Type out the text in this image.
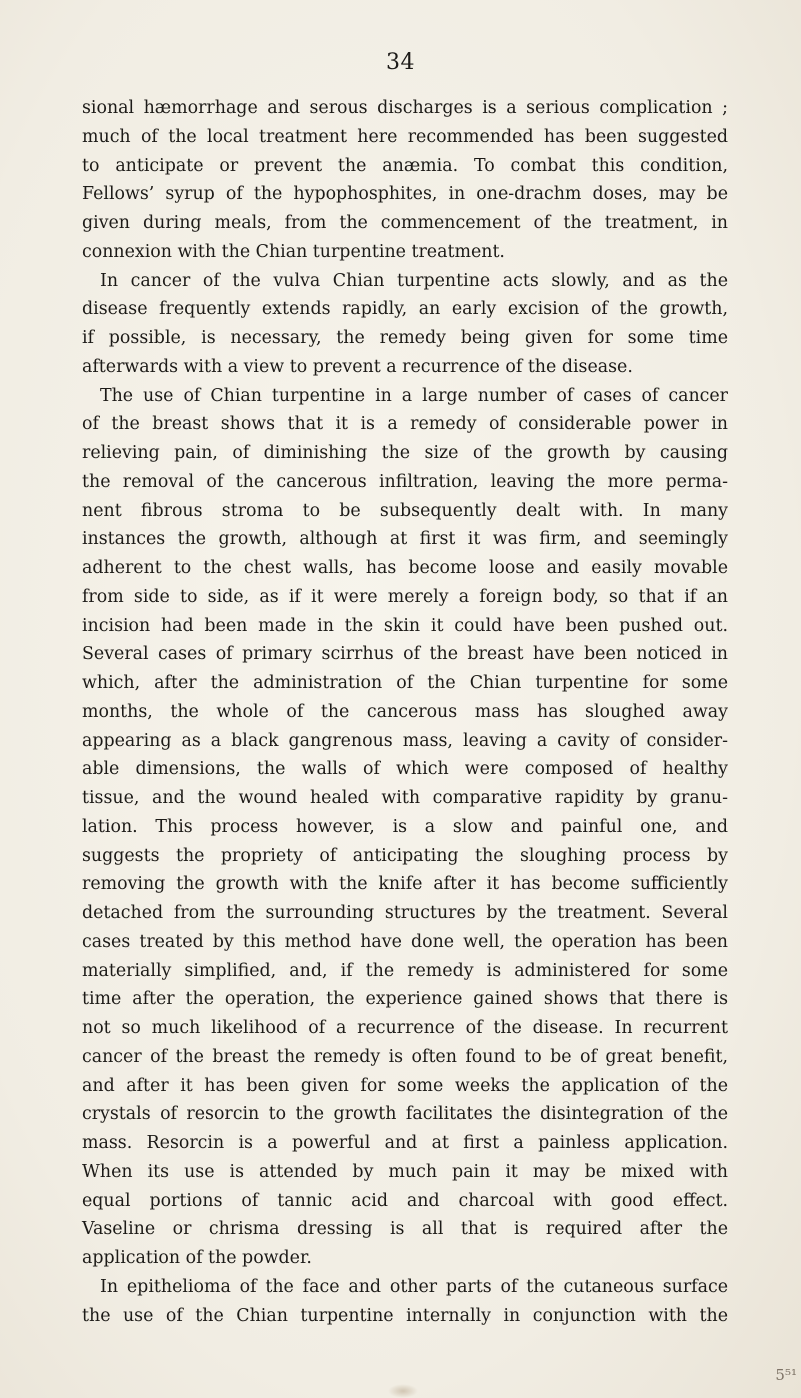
34
sional hæmorrhage and serous discharges is a serious complication ;
much of the local treatment here recommended has been suggested
to anticipate or prevent the anæmia. To combat this condition,
Fellows’ syrup of the hypophosphites, in one-drachm doses, may be
given during meals, from the commencement of the treatment, in
connexion with the Chian turpentine treatment.
In cancer of the vulva Chian turpentine acts slowly, and as the
disease frequently extends rapidly, an early excision of the growth,
if possible, is necessary, the remedy being given for some time
afterwards with a view to prevent a recurrence of the disease.
The use of Chian turpentine in a large number of cases of cancer
of the breast shows that it is a remedy of considerable power in
relieving pain, of diminishing the size of the growth by causing
the removal of the cancerous infiltration, leaving the more perma-
nent fibrous stroma to be subsequently dealt with. In many
instances the growth, although at first it was firm, and seemingly
adherent to the chest walls, has become loose and easily movable
from side to side, as if it were merely a foreign body, so that if an
incision had been made in the skin it could have been pushed out.
Several cases of primary scirrhus of the breast have been noticed in
which, after the administration of the Chian turpentine for some
months, the whole of the cancerous mass has sloughed away
appearing as a black gangrenous mass, leaving a cavity of consider-
able dimensions, the walls of which were composed of healthy
tissue, and the wound healed with comparative rapidity by granu-
lation. This process however, is a slow and painful one, and
suggests the propriety of anticipating the sloughing process by
removing the growth with the knife after it has become sufficiently
detached from the surrounding structures by the treatment. Several
cases treated by this method have done well, the operation has been
materially simplified, and, if the remedy is administered for some
time after the operation, the experience gained shows that there is
not so much likelihood of a recurrence of the disease. In recurrent
cancer of the breast the remedy is often found to be of great benefit,
and after it has been given for some weeks the application of the
crystals of resorcin to the growth facilitates the disintegration of the
mass. Resorcin is a powerful and at first a painless application.
When its use is attended by much pain it may be mixed with
equal portions of tannic acid and charcoal with good effect.
Vaseline or chrisma dressing is all that is required after the
application of the powder.
In epithelioma of the face and other parts of the cutaneous surface
the use of the Chian turpentine internally in conjunction with the
5⁵¹
